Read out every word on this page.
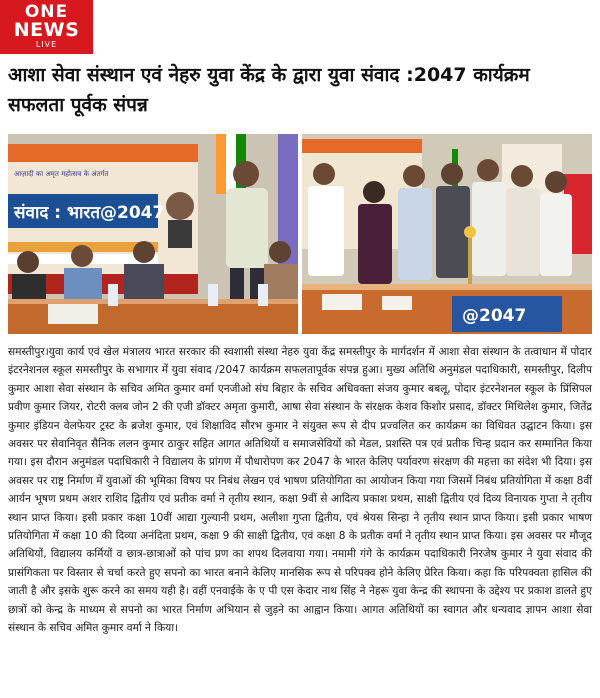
ONE
NEWS
LIVE
आशा सेवा संस्थान एवं नेहरु युवा केंद्र के द्वारा युवा संवाद :2047 कार्यक्रम सफलता पूर्वक संपन्न
आज़ादी का अमृत महोत्सव के अंतर्गत
संवाद : भारत@2047
@2047
समस्तीपुर।युवा कार्य एवं खेल मंत्रालय भारत सरकार की स्वशासी संस्था नेहरु युवा केंद्र समस्तीपुर के मार्गदर्शन में आशा सेवा संस्थान के तत्वाधान में पोदार इंटरनेशनल स्कूल समस्तीपुर के सभागार में युवा संवाद /2047 कार्यक्रम सफलतापूर्वक संपन्न हुआ। मुख्य अतिथि अनुमंडल पदाधिकारी, समस्तीपुर, दिलीप कुमार आशा सेवा संस्थान के सचिव अमित कुमार वर्मा एनजीओ संघ बिहार के सचिव अधिवक्ता संजय कुमार बबलू, पोदार इंटरनेशनल स्कूल के प्रिंसिपल प्रवीण कुमार जियर, रोटरी क्लब जोन 2 की एजी डॉक्टर अमृता कुमारी, आषा सेवा संस्थान के संरक्षक केशव किशोर प्रसाद, डॉक्टर मिथिलेश कुमार, जितेंद्र कुमार इंडियन वेलफेयर ट्रस्ट के ब्रजेश कुमार, एवं शिक्षाविद सौरभ कुमार ने संयुक्त रूप से दीप प्रज्वलित कर कार्यक्रम का विधिवत उद्घाटन किया। इस अवसर पर सेवानिवृत सैनिक ललन कुमार ठाकुर सहित आगत अतिथियों व समाजसेवियों को मेडल, प्रशस्ति पत्र एवं प्रतीक चिन्ह प्रदान कर सम्मानित किया गया। इस दौरान अनुमंडल पदाधिकारी ने विद्यालय के प्रांगण में पौधारोपण कर 2047 के भारत केलिए पर्यावरण संरक्षण की महत्ता का संदेश भी दिया। इस अवसर पर राष्ट्र निर्माण में युवाओं की भूमिका विषय पर निबंध लेखन एवं भाषण प्रतियोगिता का आयोजन किया गया जिसमें निबंध प्रतियोगिता में कक्षा 8वीं आर्यन भूषण प्रथम अशर राशिद द्वितीय एवं प्रतीक वर्मा ने तृतीय स्थान, कक्षा 9वीं से आदित्य प्रकाश प्रथम, साक्षी द्वितीय एवं दिव्य विनायक गुप्ता ने तृतीय स्थान प्राप्त किया। इसी प्रकार कक्षा 10वीं आद्या गुल्यानी प्रथम, अलीशा गुप्ता द्वितीय, एवं श्रेयस सिन्हा ने तृतीय स्थान प्राप्त किया। इसी प्रकार भाषण प्रतियोगिता में कक्षा 10 की दिव्या अनंदिता प्रथम, कक्षा 9 की साक्षी द्वितीय, एवं कक्षा 8 के प्रतीक वर्मा ने तृतीय स्थान प्राप्त किया। इस अवसर पर मौजूद अतिथियों, विद्यालय कर्मियों व छात्र-छात्राओं को पांच प्रण का शपथ दिलवाया गया। नमामी गंगे के कार्यक्रम पदाधिकारी निरजेष कुमार ने युवा संवाद की प्रासंगिकता पर विस्तार से चर्चा करते हुए सपनो का भारत बनाने केलिए मानसिक रूप से परिपक्व होने केलिए प्रेरित किया। कहा कि परिपक्वता हासिल की जाती है और इसके शुरू करने का समय यही है। वहीं एनवाईके के ए पी एस केदार नाथ सिंह ने नेहरू युवा केन्द्र की स्थापना के उद्देश्य पर प्रकाश डालते हुए छात्रों को केन्द्र के माध्यम से सपनो का भारत निर्माण अभियान से जुड़ने का आह्वान किया। आगत अतिथियों का स्वागत और धन्यवाद ज्ञापन आशा सेवा संस्थान के सचिव अमित कुमार वर्मा ने किया।
